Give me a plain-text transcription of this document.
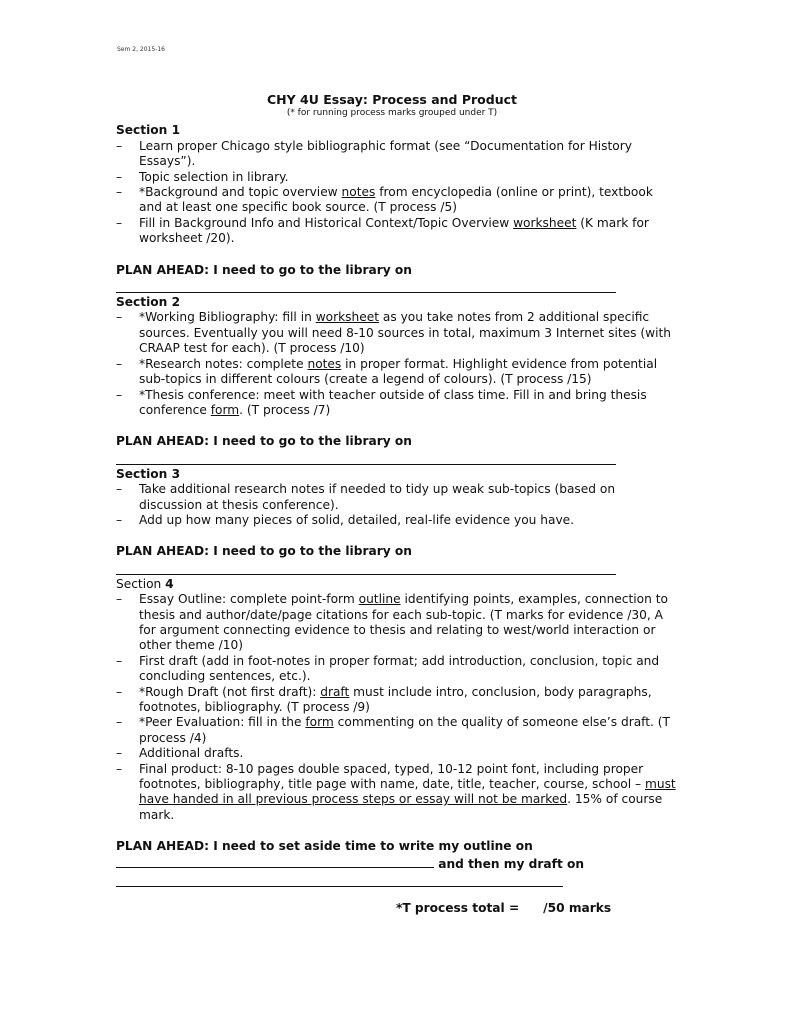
Sem 2, 2015-16
CHY 4U Essay: Process and Product
(* for running process marks grouped under T)
Section 1
– Learn proper Chicago style bibliographic format (see “Documentation for History Essays”).
– Topic selection in library.
– *Background and topic overview notes from encyclopedia (online or print), textbook and at least one specific book source. (T process /5)
– Fill in Background Info and Historical Context/Topic Overview worksheet (K mark for worksheet /20).
PLAN AHEAD: I need to go to the library on
Section 2
– *Working Bibliography: fill in worksheet as you take notes from 2 additional specific sources. Eventually you will need 8-10 sources in total, maximum 3 Internet sites (with CRAAP test for each). (T process /10)
– *Research notes: complete notes in proper format. Highlight evidence from potential sub-topics in different colours (create a legend of colours). (T process /15)
– *Thesis conference: meet with teacher outside of class time. Fill in and bring thesis conference form. (T process /7)
PLAN AHEAD: I need to go to the library on
Section 3
– Take additional research notes if needed to tidy up weak sub-topics (based on discussion at thesis conference).
– Add up how many pieces of solid, detailed, real-life evidence you have.
PLAN AHEAD: I need to go to the library on
Section 4
– Essay Outline: complete point-form outline identifying points, examples, connection to thesis and author/date/page citations for each sub-topic. (T marks for evidence /30, A for argument connecting evidence to thesis and relating to west/world interaction or other theme /10)
– First draft (add in foot-notes in proper format; add introduction, conclusion, topic and concluding sentences, etc.).
– *Rough Draft (not first draft): draft must include intro, conclusion, body paragraphs, footnotes, bibliography. (T process /9)
– *Peer Evaluation: fill in the form commenting on the quality of someone else’s draft. (T process /4)
– Additional drafts.
– Final product: 8-10 pages double spaced, typed, 10-12 point font, including proper footnotes, bibliography, title page with name, date, title, teacher, course, school – must have handed in all previous process steps or essay will not be marked. 15% of course mark.
PLAN AHEAD: I need to set aside time to write my outline on
and then my draft on
*T process total = /50 marks
